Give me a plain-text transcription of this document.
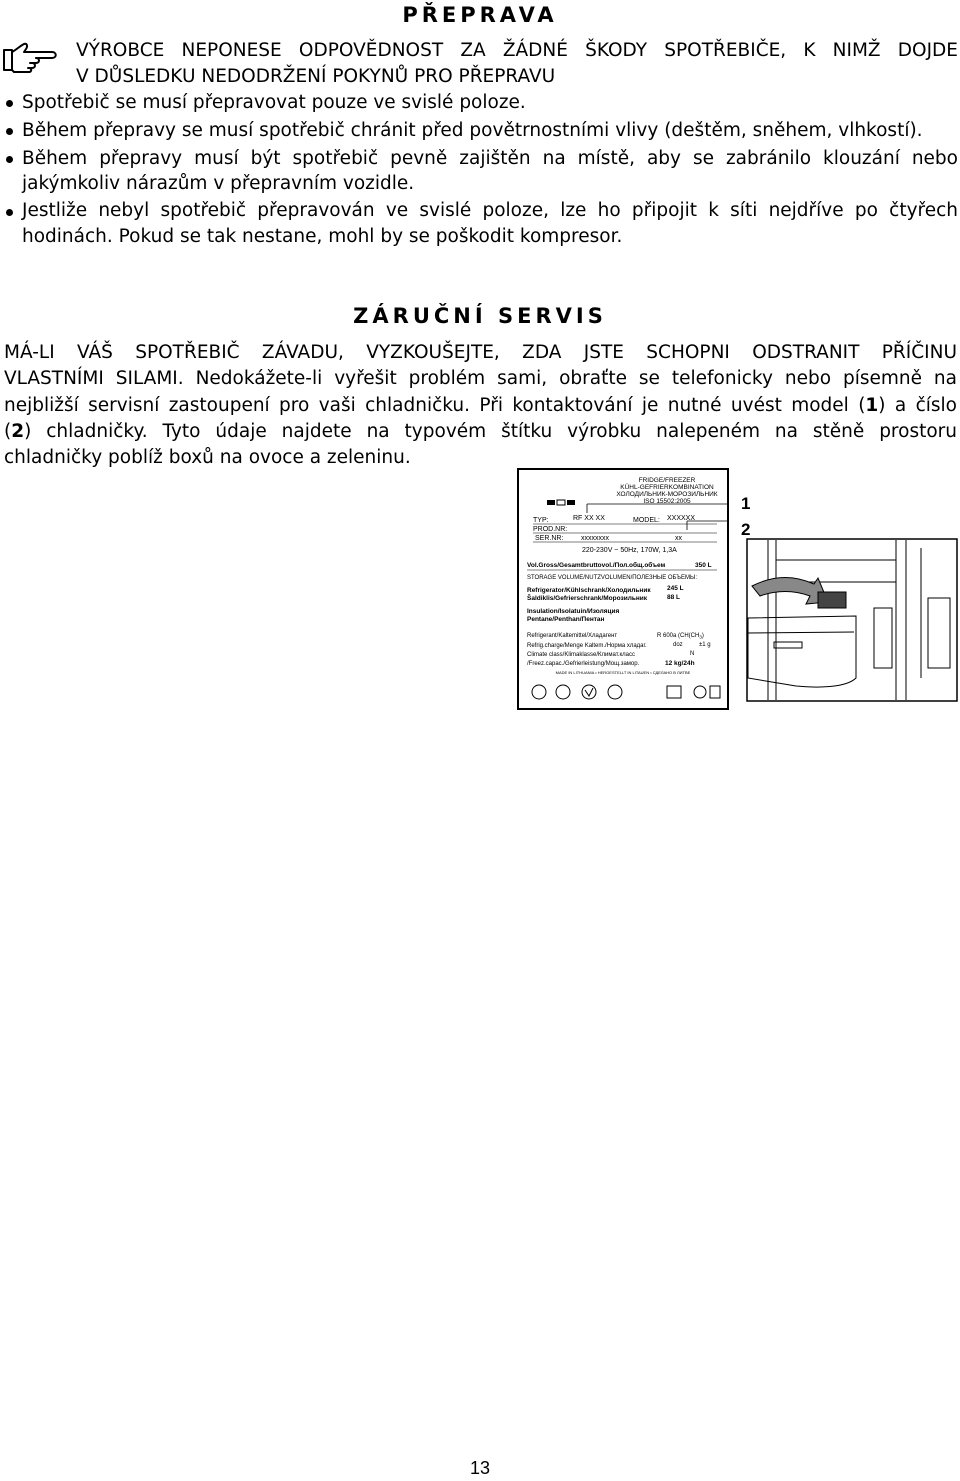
PŘEPRAVA
VÝROBCE NEPONESE ODPOVĚDNOST ZA ŽÁDNÉ ŠKODY SPOTŘEBIČE, K NIMŽ DOJDE
V DŮSLEDKU NEDODRŽENÍ POKYNŮ PRO PŘEPRAVU
Spotřebič se musí přepravovat pouze ve svislé poloze.
Během přepravy se musí spotřebič chránit před povětrnostními vlivy (deštěm, sněhem, vlhkostí).
Během přepravy musí být spotřebič pevně zajištěn na místě, aby se zabránilo klouzání nebo
jakýmkoliv nárazům v přepravním vozidle.
Jestliže nebyl spotřebič přepravován ve svislé poloze, lze ho připojit k síti nejdříve po čtyřech
hodinách. Pokud se tak nestane, mohl by se poškodit kompresor.
ZÁRUČNÍ SERVIS
MÁ-LI VÁŠ SPOTŘEBIČ ZÁVADU, VYZKOUŠEJTE, ZDA JSTE SCHOPNI ODSTRANIT PŘÍČINU
VLASTNÍMI SILAMI. Nedokážete-li vyřešit problém sami, obraťte se telefonicky nebo písemně na
nejbližší servisní zastoupení pro vaši chladničku. Při kontaktování je nutné uvést model (1) a číslo
(2) chladničky. Tyto údaje najdete na typovém štítku výrobku nalepeném na stěně prostoru
chladničky poblíž boxů na ovoce a zeleninu.
FRIDGE/FREEZER
KÜHL-GEFRIERKOMBINATION
ХОЛОДИЛЬНИК-МОРОЗИЛЬНИК
ISO 15502:2005
TYP:	RF XX XX	MODEL: XXXXXX
PROD.NR:
SER.NR:	xxxxxxxx	xx
220-230V ~ 50Hz, 170W, 1,3A
Vol.Gross/Gesamtbruttovol./Пол.общ.объем	350 L
STORAGE VOLUME/NUTZVOLUMEN/ПОЛЕЗНЫЕ ОБЪЕМЫ:
Refrigerator/Kühlschrank/Холодильник	245 L
Šaldiklis/Gefrierschrank/Морозильник	88 L
Insulation/Isolatuin/Изоляция
Pentane/Penthan/Пентан
Refrigerant/Kaltemittel/Хладагент	R 600a ($CH(CH_3)$
Refrig.charge/Menge Kaltem./Норма хладаг.	doz	±1 g
Climate class/Klimaklasse/Климат.класс	N
/Freez.capac./Gefrierleistung/Мощ.замор.	12 kg/24h
MADE IN LITHUANIA • HERGESTELLT IN LITAUEN • СДЕЛАНО В ЛИТВЕ
1
2
13
